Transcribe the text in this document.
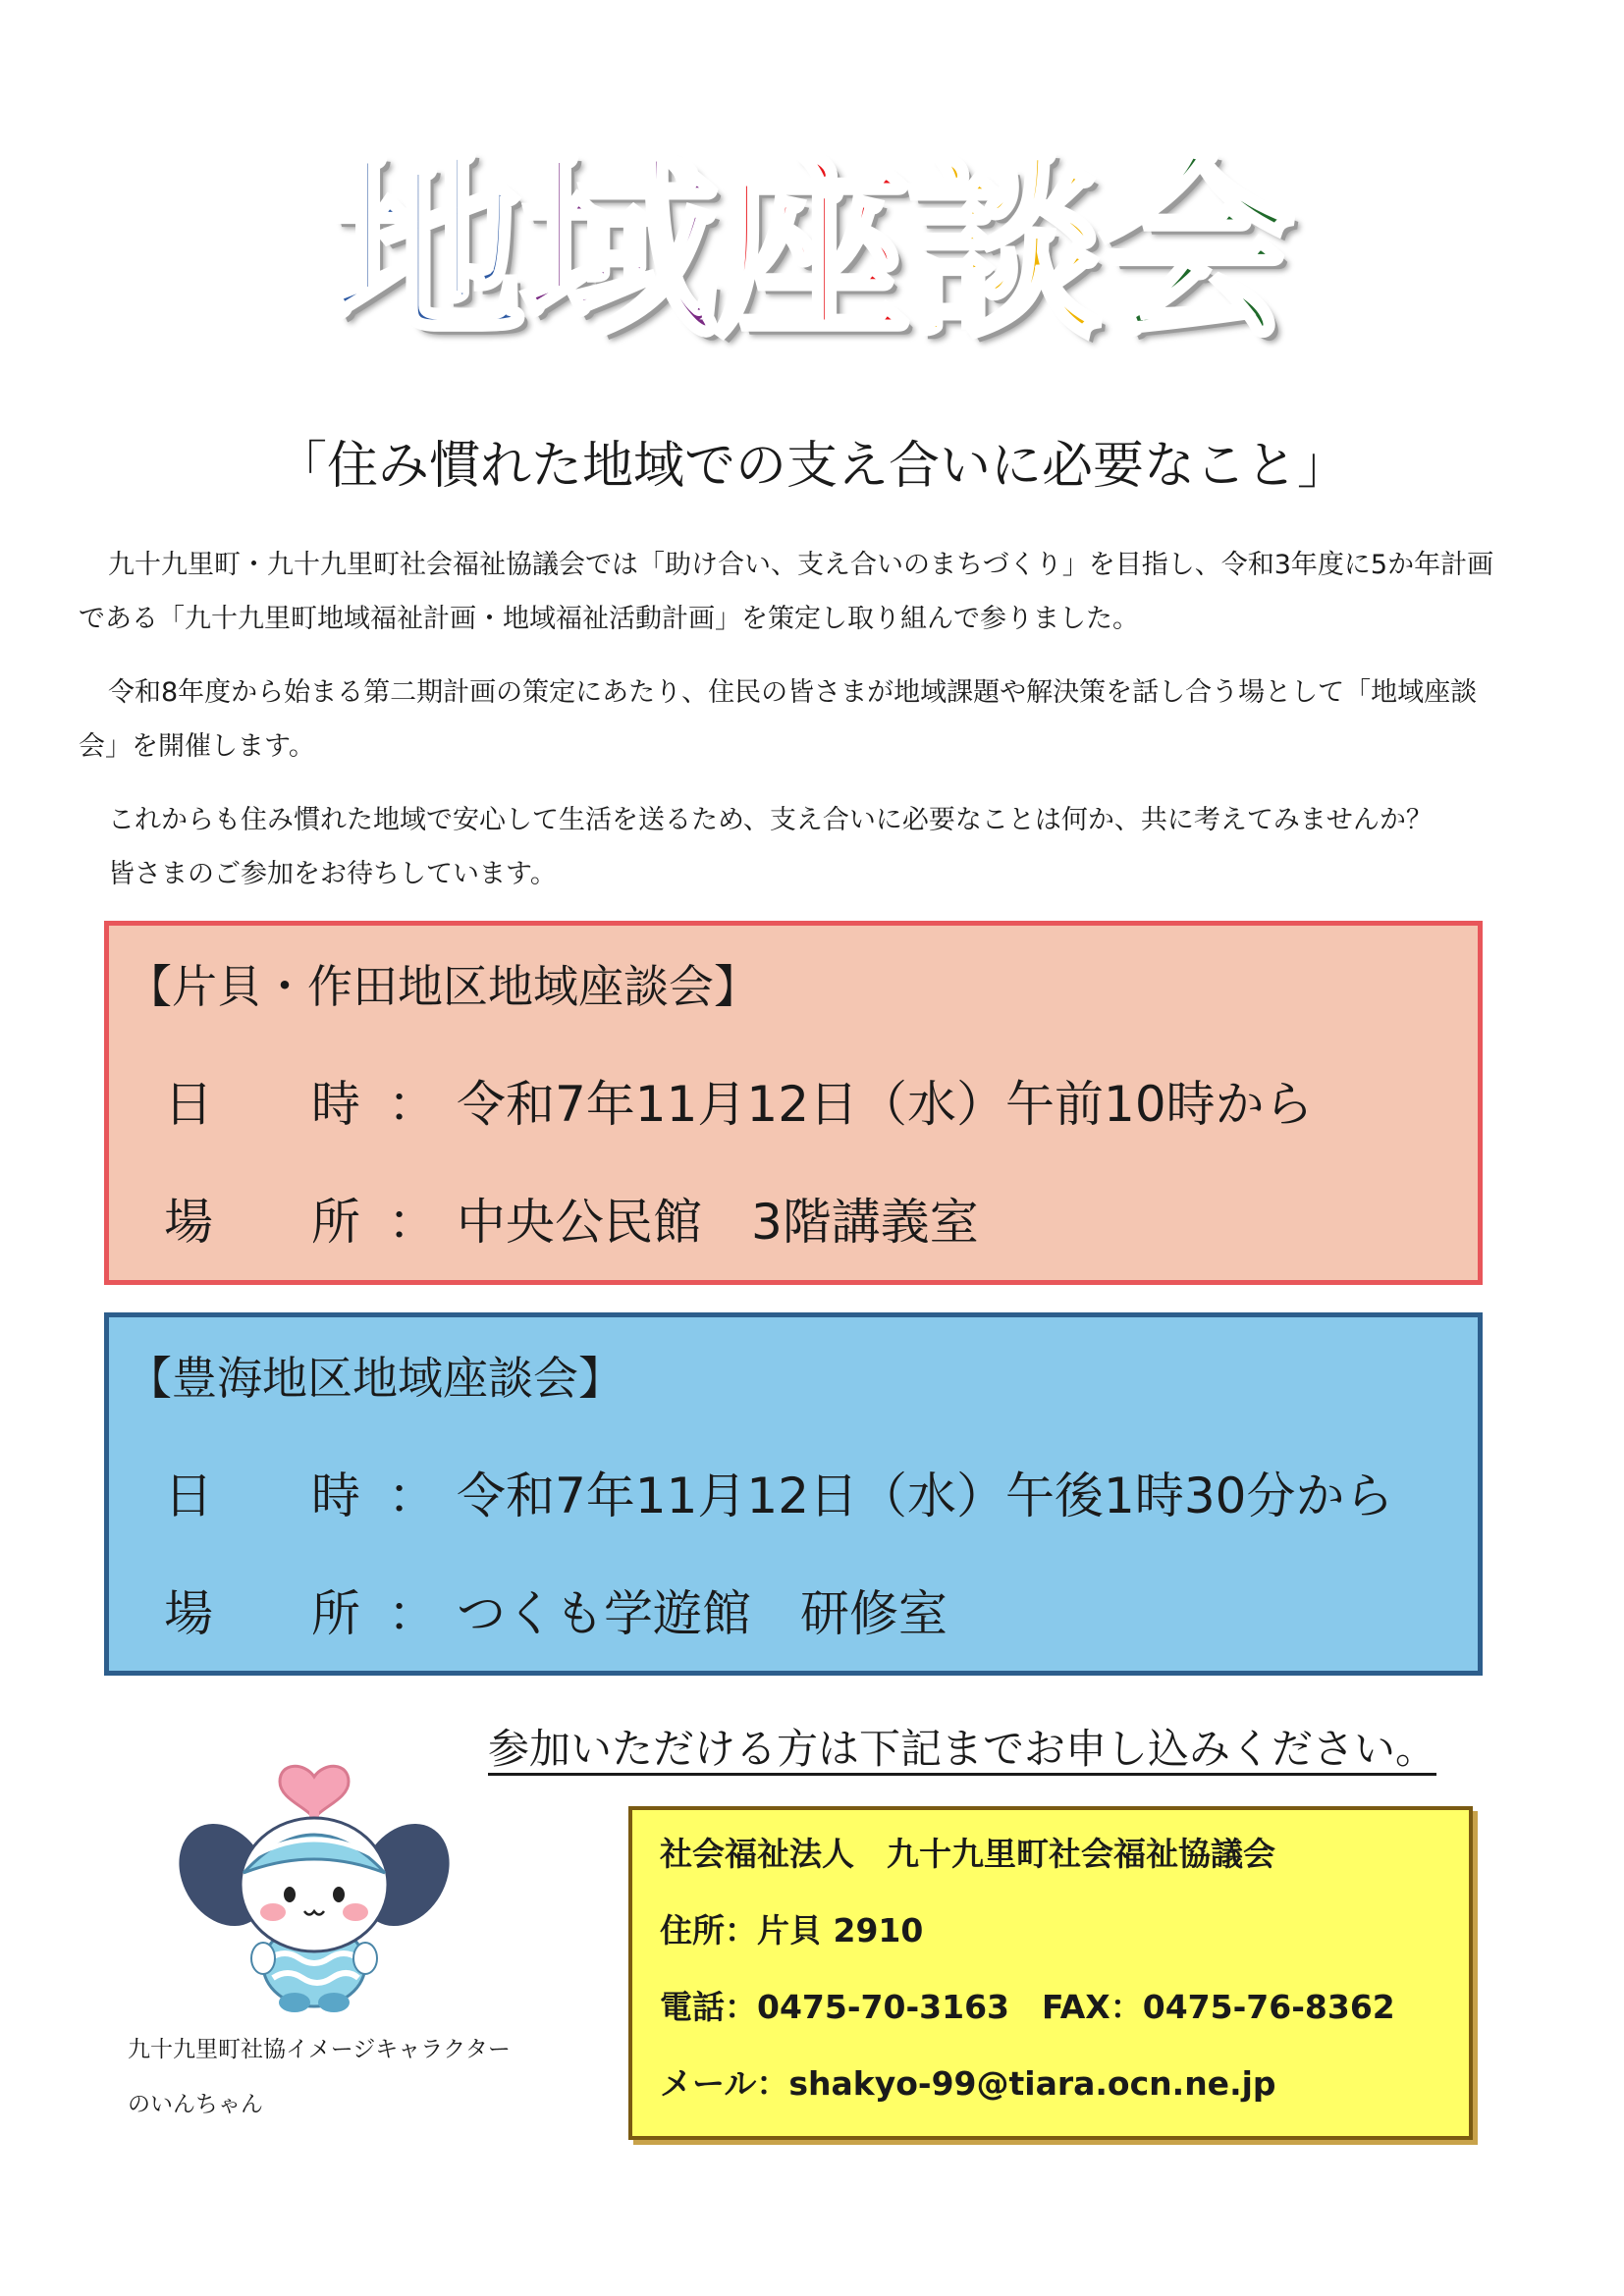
地
域
座
談
会
「住み慣れた地域での支え合いに必要なこと」

九十九里町・九十九里町社会福祉協議会では「助け合い、支え合いのまちづくり」を目指し、令和3年度に5か年計画

である「九十九里町地域福祉計画・地域福祉活動計画」を策定し取り組んで参りました。

令和8年度から始まる第二期計画の策定にあたり、住民の皆さまが地域課題や解決策を話し合う場として「地域座談

会」を開催します。

これからも住み慣れた地域で安心して生活を送るため、支え合いに必要なことは何か、共に考えてみませんか？

皆さまのご参加をお待ちしています。

【片貝・作田地区地域座談会】
日 時 ： 令和7年11月12日（水）午前10時から
場 所 ： 中央公民館　3階講義室
【豊海地区地域座談会】
日 時 ： 令和7年11月12日（水）午後1時30分から
場 所 ： つくも学遊館　研修室
九十九里町社協イメージキャラクター
のいんちゃん
参加いただける方は下記までお申し込みください。
社会福祉法人　九十九里町社会福祉協議会
住所：片貝 2910
電話：0475-70-3163　FAX：0475-76-8362
メール：shakyo-99@tiara.ocn.ne.jp
